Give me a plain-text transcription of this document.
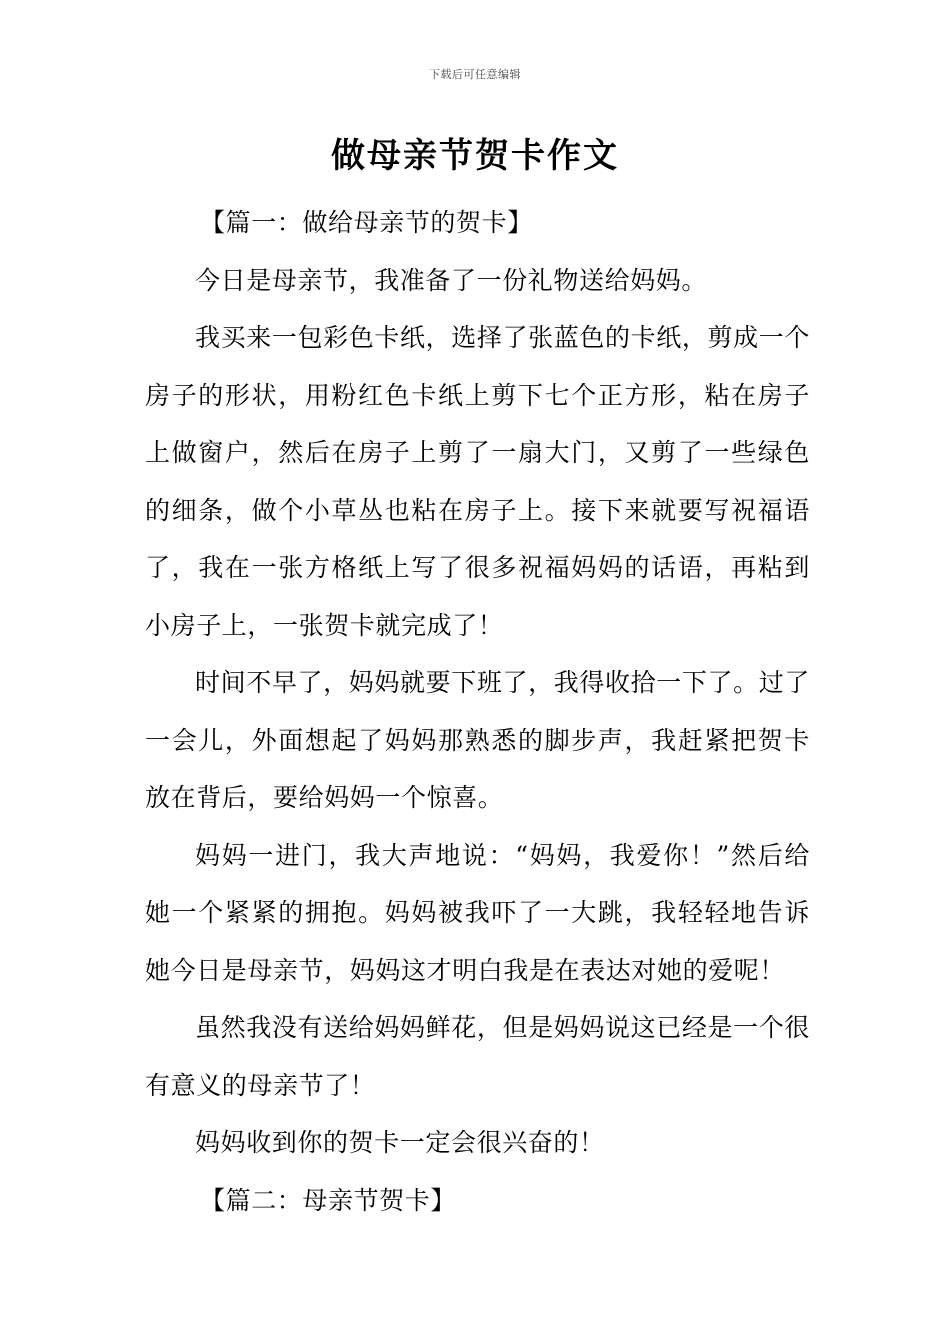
下载后可任意编辑
做母亲节贺卡作文

【篇一：做给母亲节的贺卡】

今日是母亲节，我准备了一份礼物送给妈妈。

我买来一包彩色卡纸，选择了张蓝色的卡纸，剪成一个房子的形状，用粉红色卡纸上剪下七个正方形，粘在房子上做窗户，然后在房子上剪了一扇大门，又剪了一些绿色的细条，做个小草丛也粘在房子上。接下来就要写祝福语了，我在一张方格纸上写了很多祝福妈妈的话语，再粘到小房子上，一张贺卡就完成了！

时间不早了，妈妈就要下班了，我得收拾一下了。过了一会儿，外面想起了妈妈那熟悉的脚步声，我赶紧把贺卡放在背后，要给妈妈一个惊喜。

妈妈一进门，我大声地说：“妈妈，我爱你！”然后给她一个紧紧的拥抱。妈妈被我吓了一大跳，我轻轻地告诉她今日是母亲节，妈妈这才明白我是在表达对她的爱呢！

虽然我没有送给妈妈鲜花，但是妈妈说这已经是一个很有意义的母亲节了！

妈妈收到你的贺卡一定会很兴奋的！

【篇二：母亲节贺卡】
